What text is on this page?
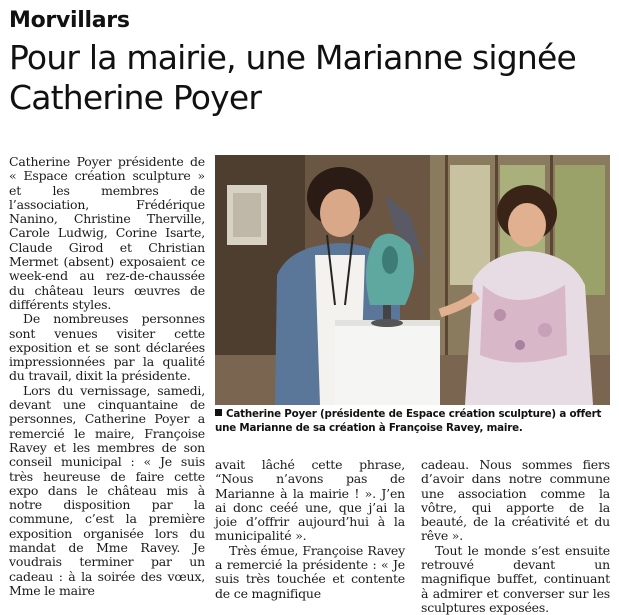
Morvillars
Pour la mairie, une Marianne signée Catherine Poyer

Catherine Poyer présidente de « Espace création sculpture » et les membres de l’association, Frédérique Nanino, Christine Therville, Carole Ludwig, Corine Isarte, Claude Girod et Christian Mermet (absent) exposaient ce week-end au rez-de-chaussée du château leurs œuvres de différents styles.

De nombreuses personnes sont venues visiter cette exposition et se sont déclarées impressionnées par la qualité du travail, dixit la présidente.

Lors du vernissage, samedi, devant une cinquantaine de personnes, Catherine Poyer a remercié le maire, Françoise Ravey et les membres de son conseil municipal : « Je suis très heureuse de faire cette expo dans le château mis à notre disposition par la commune, c’est la première exposition organisée lors du mandat de Mme Ravey. Je voudrais terminer par un cadeau : à la soirée des vœux, Mme le maire

Catherine Poyer (présidente de Espace création sculpture) a offert une Marianne de sa création à Françoise Ravey, maire.

avait lâché cette phrase, “Nous n’avons pas de Marianne à la mairie ! ». J’en ai donc ceéé une, que j’ai la joie d’offrir aujourd’hui à la municipalité ».

Très émue, Françoise Ravey a remercié la présidente : « Je suis très touchée et contente de ce magnifique

cadeau. Nous sommes fiers d’avoir dans notre commune une association comme la vôtre, qui apporte de la beauté, de la créativité et du rêve ».

Tout le monde s’est ensuite retrouvé devant un magnifique buffet, continuant à admirer et converser sur les sculptures exposées.
